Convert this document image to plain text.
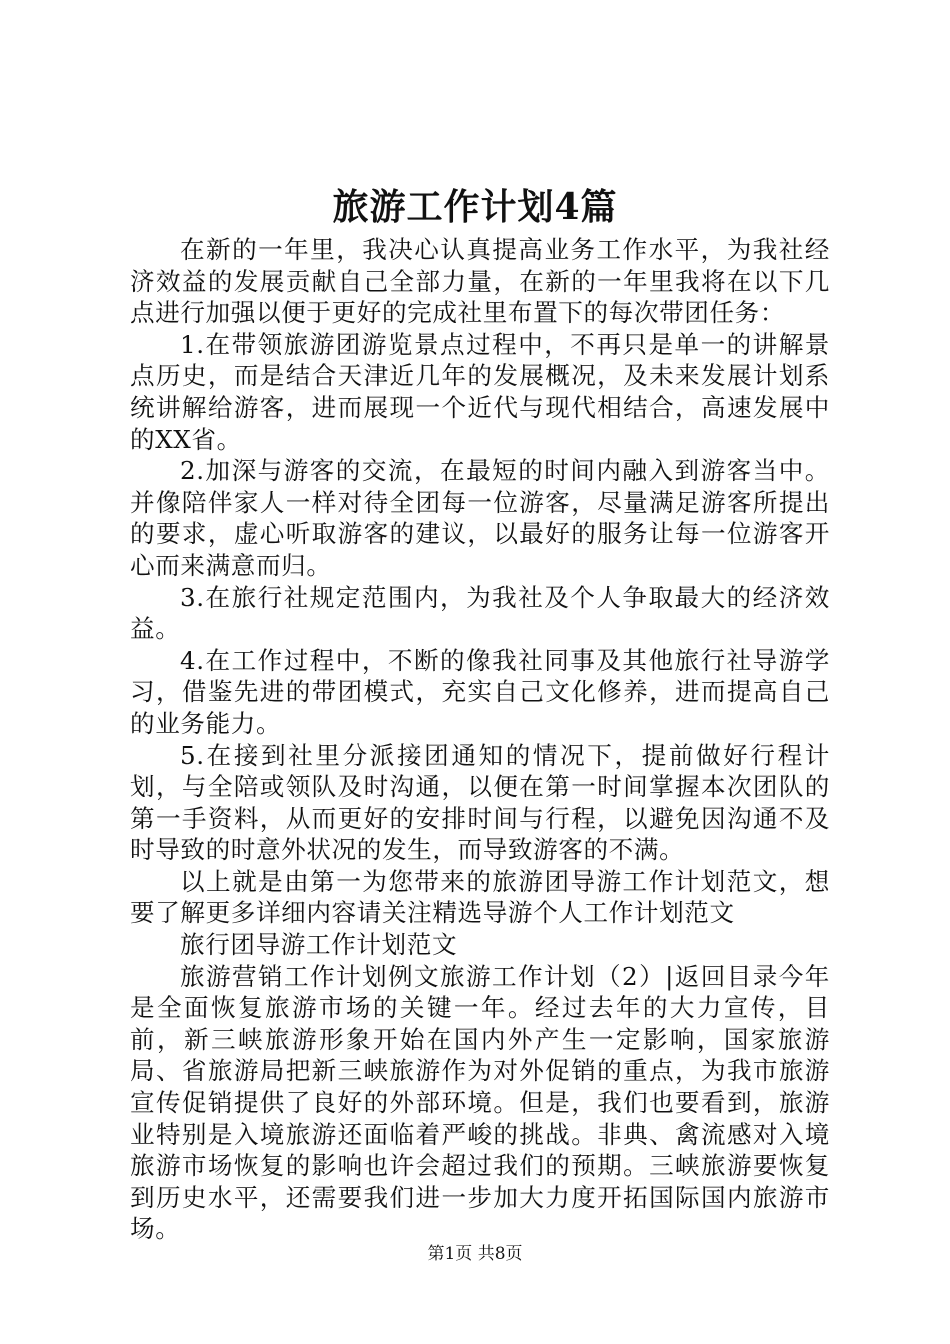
旅游工作计划4篇

在新的一年里，我决心认真提高业务工作水平，为我社经济效益的发展贡献自己全部力量，在新的一年里我将在以下几点进行加强以便于更好的完成社里布置下的每次带团任务：

1.在带领旅游团游览景点过程中，不再只是单一的讲解景点历史，而是结合天津近几年的发展概况，及未来发展计划系统讲解给游客，进而展现一个近代与现代相结合，高速发展中的XX省。

2.加深与游客的交流，在最短的时间内融入到游客当中。并像陪伴家人一样对待全团每一位游客，尽量满足游客所提出的要求，虚心听取游客的建议，以最好的服务让每一位游客开心而来满意而归。

3.在旅行社规定范围内，为我社及个人争取最大的经济效益。

4.在工作过程中，不断的像我社同事及其他旅行社导游学习，借鉴先进的带团模式，充实自己文化修养，进而提高自己的业务能力。

5.在接到社里分派接团通知的情况下，提前做好行程计划，与全陪或领队及时沟通，以便在第一时间掌握本次团队的第一手资料，从而更好的安排时间与行程，以避免因沟通不及时导致的时意外状况的发生，而导致游客的不满。

以上就是由第一为您带来的旅游团导游工作计划范文，想要了解更多详细内容请关注精选导游个人工作计划范文

旅行团导游工作计划范文

旅游营销工作计划例文旅游工作计划（2）|返回目录今年是全面恢复旅游市场的关键一年。经过去年的大力宣传，目前，新三峡旅游形象开始在国内外产生一定影响，国家旅游局、省旅游局把新三峡旅游作为对外促销的重点，为我市旅游宣传促销提供了良好的外部环境。但是，我们也要看到，旅游业特别是入境旅游还面临着严峻的挑战。非典、禽流感对入境旅游市场恢复的影响也许会超过我们的预期。三峡旅游要恢复到历史水平，还需要我们进一步加大力度开拓国际国内旅游市场。

第1页 共8页
